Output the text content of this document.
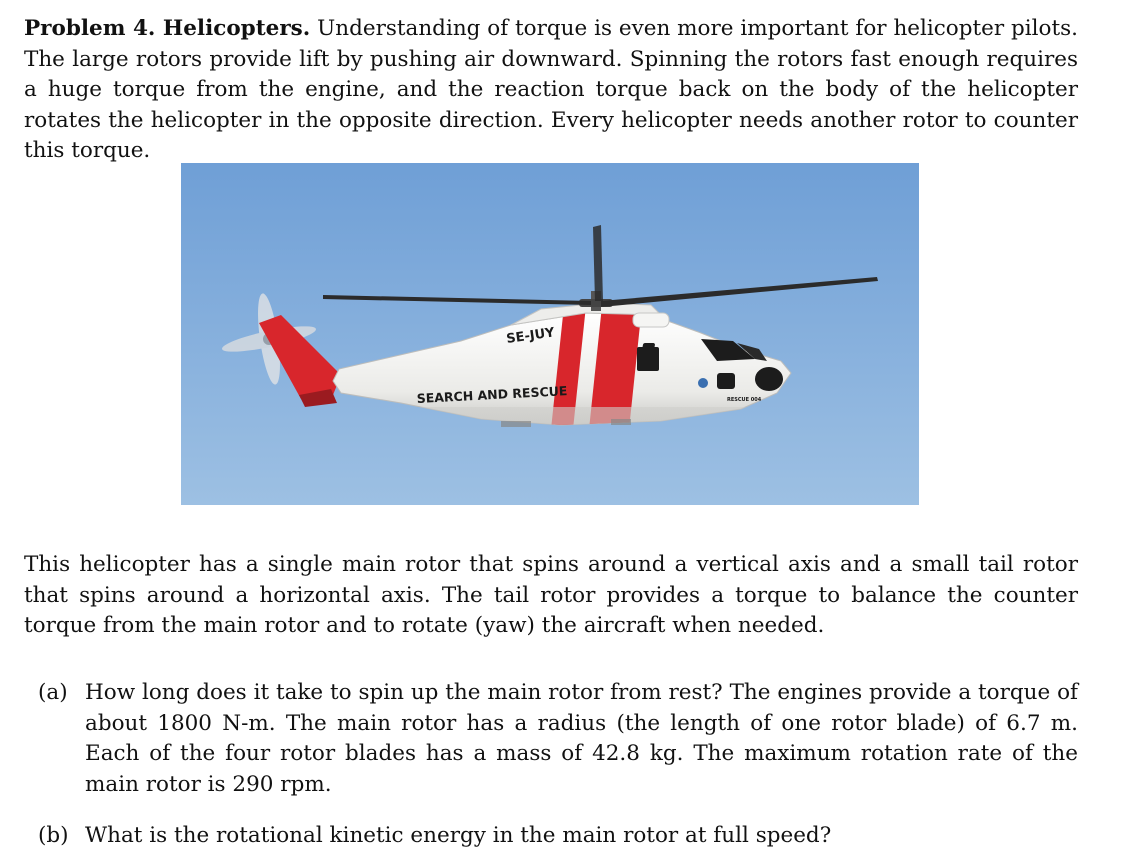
Problem 4. Helicopters. Understanding of torque is even more important for helicopter pilots. The large rotors provide lift by pushing air downward. Spinning the rotors fast enough requires a huge torque from the engine, and the reaction torque back on the body of the helicopter rotates the helicopter in the opposite direction. Every helicopter needs another rotor to counter this torque.

SE-JUY
SEARCH AND RESCUE	RESCUE 004

This helicopter has a single main rotor that spins around a vertical axis and a small tail rotor that spins around a horizontal axis. The tail rotor provides a torque to balance the counter torque from the main rotor and to rotate (yaw) the aircraft when needed.

(a) How long does it take to spin up the main rotor from rest? The engines provide a torque of about 1800 N-m. The main rotor has a radius (the length of one rotor blade) of 6.7 m. Each of the four rotor blades has a mass of 42.8 kg. The maximum rotation rate of the main rotor is 290 rpm.
(b) What is the rotational kinetic energy in the main rotor at full speed?
